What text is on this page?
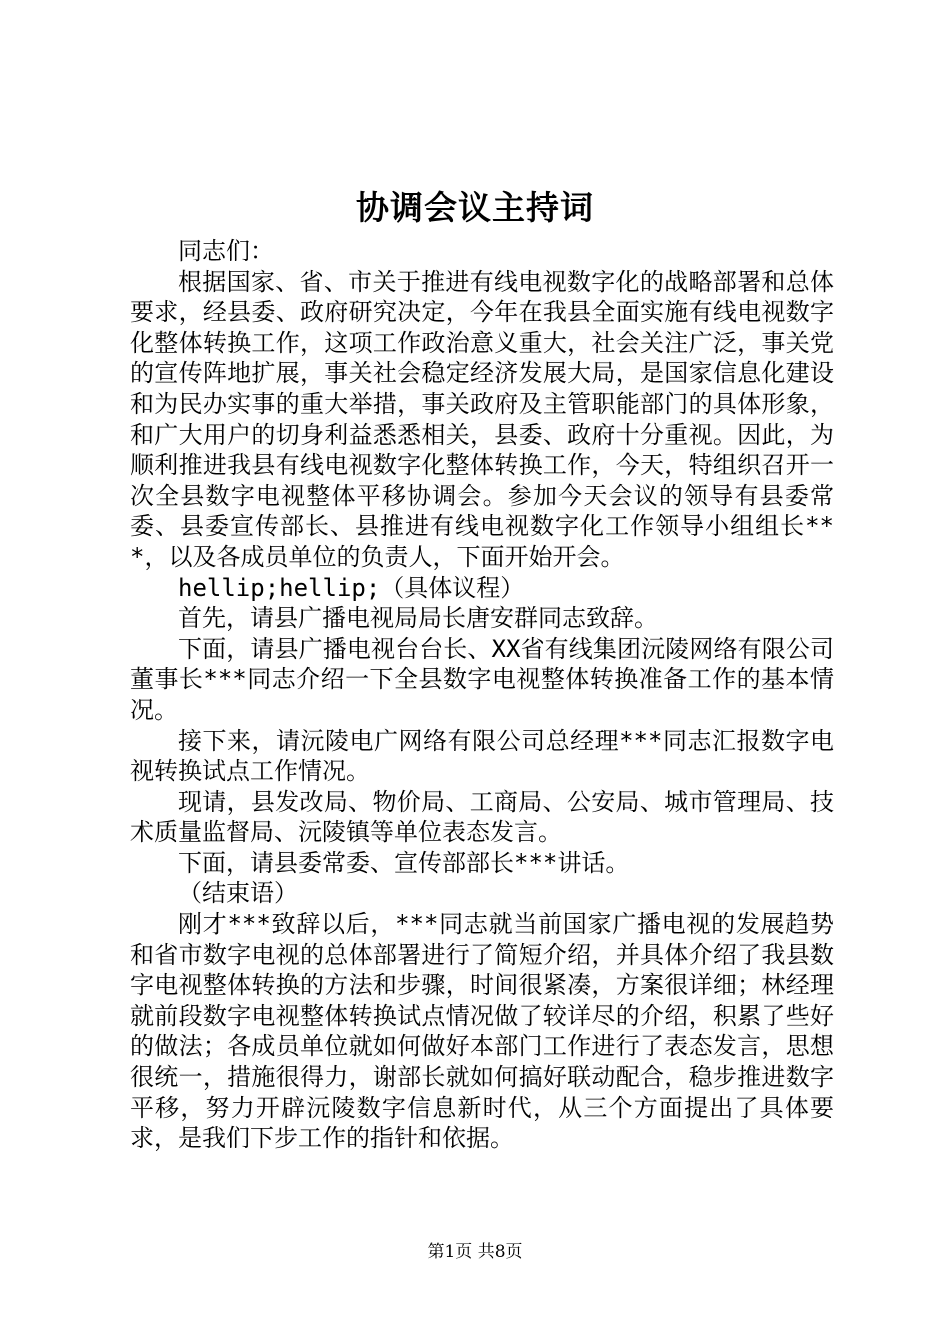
协调会议主持词

同志们：

根据国家、省、市关于推进有线电视数字化的战略部署和总体要求，经县委、政府研究决定，今年在我县全面实施有线电视数字化整体转换工作，这项工作政治意义重大，社会关注广泛，事关党的宣传阵地扩展，事关社会稳定经济发展大局，是国家信息化建设和为民办实事的重大举措，事关政府及主管职能部门的具体形象，和广大用户的切身利益悉悉相关，县委、政府十分重视。因此，为顺利推进我县有线电视数字化整体转换工作，今天，特组织召开一次全县数字电视整体平移协调会。参加今天会议的领导有县委常委、县委宣传部长、县推进有线电视数字化工作领导小组组长***，以及各成员单位的负责人，下面开始开会。

hellip;hellip;（具体议程）

首先，请县广播电视局局长唐安群同志致辞。

下面，请县广播电视台台长、XX省有线集团沅陵网络有限公司董事长***同志介绍一下全县数字电视整体转换准备工作的基本情况。

接下来，请沅陵电广网络有限公司总经理***同志汇报数字电视转换试点工作情况。

现请，县发改局、物价局、工商局、公安局、城市管理局、技术质量监督局、沅陵镇等单位表态发言。

下面，请县委常委、宣传部部长***讲话。

（结束语）

刚才***致辞以后，***同志就当前国家广播电视的发展趋势和省市数字电视的总体部署进行了简短介绍，并具体介绍了我县数字电视整体转换的方法和步骤，时间很紧凑，方案很详细；林经理就前段数字电视整体转换试点情况做了较详尽的介绍，积累了些好的做法；各成员单位就如何做好本部门工作进行了表态发言，思想很统一，措施很得力，谢部长就如何搞好联动配合，稳步推进数字平移，努力开辟沅陵数字信息新时代，从三个方面提出了具体要求，是我们下步工作的指针和依据。

第1页 共8页
